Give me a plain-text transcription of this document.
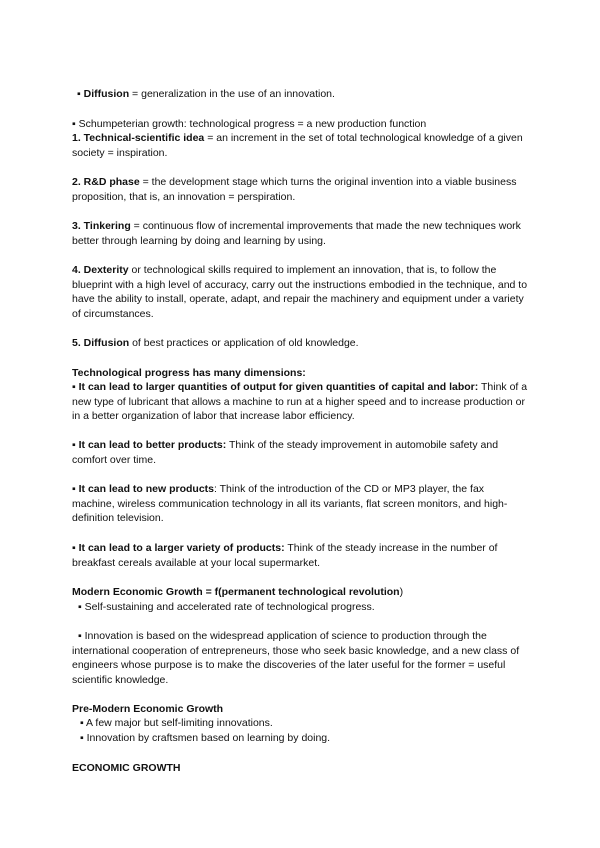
▪ Diffusion = generalization in the use of an innovation.

▪ Schumpeterian growth: technological progress = a new production function

1. Technical-scientific idea = an increment in the set of total technological knowledge of a given society = inspiration.

2. R&D phase = the development stage which turns the original invention into a viable business proposition, that is, an innovation = perspiration.

3. Tinkering = continuous flow of incremental improvements that made the new techniques work better through learning by doing and learning by using.

4. Dexterity or technological skills required to implement an innovation, that is, to follow the blueprint with a high level of accuracy, carry out the instructions embodied in the technique, and to have the ability to install, operate, adapt, and repair the machinery and equipment under a variety of circumstances.

5. Diffusion of best practices or application of old knowledge.

Technological progress has many dimensions:

▪ It can lead to larger quantities of output for given quantities of capital and labor: Think of a new type of lubricant that allows a machine to run at a higher speed and to increase production or in a better organization of labor that increase labor efficiency.

▪ It can lead to better products: Think of the steady improvement in automobile safety and comfort over time.

▪ It can lead to new products: Think of the introduction of the CD or MP3 player, the fax machine, wireless communication technology in all its variants, flat screen monitors, and high-definition television.

▪ It can lead to a larger variety of products: Think of the steady increase in the number of breakfast cereals available at your local supermarket.

Modern Economic Growth = f(permanent technological revolution)

▪ Self-sustaining and accelerated rate of technological progress.

▪ Innovation is based on the widespread application of science to production through the international cooperation of entrepreneurs, those who seek basic knowledge, and a new class of engineers whose purpose is to make the discoveries of the later useful for the former = useful scientific knowledge.

Pre-Modern Economic Growth

▪ A few major but self-limiting innovations.

▪ Innovation by craftsmen based on learning by doing.

ECONOMIC GROWTH
